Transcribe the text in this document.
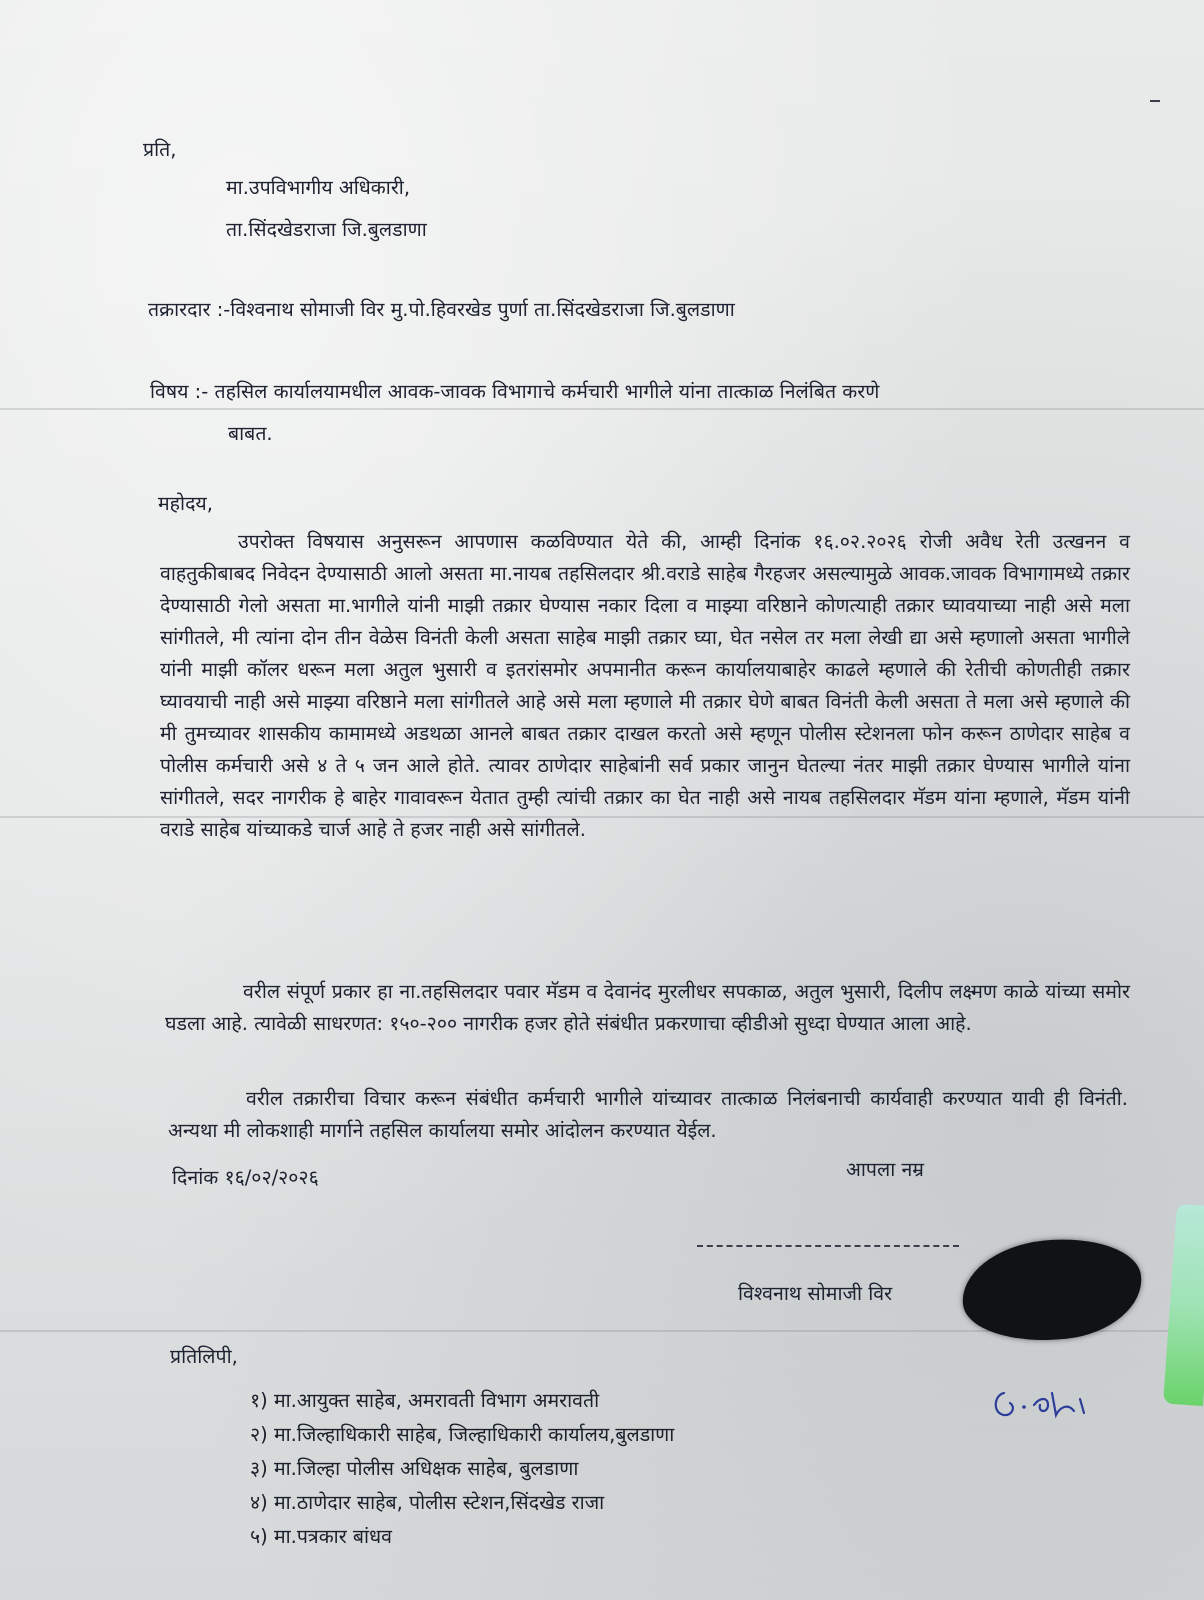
प्रति,
मा.उपविभागीय अधिकारी,
ता.सिंदखेडराजा जि.बुलडाणा
तक्रारदार :-विश्वनाथ सोमाजी विर मु.पो.हिवरखेड पुर्णा ता.सिंदखेडराजा जि.बुलडाणा
विषय :- तहसिल कार्यालयामधील आवक-जावक विभागाचे कर्मचारी भागीले यांना तात्काळ निलंबित करणे
बाबत.
महोदय,

उपरोक्त विषयास अनुसरून आपणास कळविण्यात येते की, आम्ही दिनांक १६.०२.२०२६ रोजी अवैध रेती उत्खनन व वाहतुकीबाबद निवेदन देण्यासाठी आलो असता मा.नायब तहसिलदार श्री.वराडे साहेब गैरहजर असल्यामुळे आवक.जावक विभागामध्ये तक्रार देण्यासाठी गेलो असता मा.भागीले यांनी माझी तक्रार घेण्यास नकार दिला व माझ्या वरिष्ठाने कोणत्याही तक्रार घ्यावयाच्या नाही असे मला सांगीतले, मी त्यांना दोन तीन वेळेस विनंती केली असता साहेब माझी तक्रार घ्या, घेत नसेल तर मला लेखी द्या असे म्हणालो असता भागीले यांनी माझी कॉलर धरून मला अतुल भुसारी व इतरांसमोर अपमानीत करून कार्यालयाबाहेर काढले म्हणाले की रेतीची कोणतीही तक्रार घ्यावयाची नाही असे माझ्या वरिष्ठाने मला सांगीतले आहे असे मला म्हणाले मी तक्रार घेणे बाबत विनंती केली असता ते मला असे म्हणाले की मी तुमच्यावर शासकीय कामामध्ये अडथळा आनले बाबत तक्रार दाखल करतो असे म्हणून पोलीस स्टेशनला फोन करून ठाणेदार साहेब व पोलीस कर्मचारी असे ४ ते ५ जन आले होते. त्यावर ठाणेदार साहेबांनी सर्व प्रकार जानुन घेतल्या नंतर माझी तक्रार घेण्यास भागीले यांना सांगीतले, सदर नागरीक हे बाहेर गावावरून येतात तुम्ही त्यांची तक्रार का घेत नाही असे नायब तहसिलदार मॅडम यांना म्हणाले, मॅडम यांनी वराडे साहेब यांच्याकडे चार्ज आहे ते हजर नाही असे सांगीतले.

वरील संपूर्ण प्रकार हा ना.तहसिलदार पवार मॅडम व देवानंद मुरलीधर सपकाळ, अतुल भुसारी, दिलीप लक्ष्मण काळे यांच्या समोर घडला आहे. त्यावेळी साधरणत: १५०-२०० नागरीक हजर होते संबंधीत प्रकरणाचा व्हीडीओ सुध्दा घेण्यात आला आहे.

वरील तक्रारीचा विचार करून संबंधीत कर्मचारी भागीले यांच्यावर तात्काळ निलंबनाची कार्यवाही करण्यात यावी ही विनंती. अन्यथा मी लोकशाही मार्गाने तहसिल कार्यालया समोर आंदोलन करण्यात येईल.

दिनांक १६/०२/२०२६	आपला नम्र
विश्वनाथ सोमाजी विर
प्रतिलिपी,
१) मा.आयुक्त साहेब, अमरावती विभाग अमरावती
२) मा.जिल्हाधिकारी साहेब, जिल्हाधिकारी कार्यालय,बुलडाणा
३) मा.जिल्हा पोलीस अधिक्षक साहेब, बुलडाणा
४) मा.ठाणेदार साहेब, पोलीस स्टेशन,सिंदखेड राजा
५) मा.पत्रकार बांधव
